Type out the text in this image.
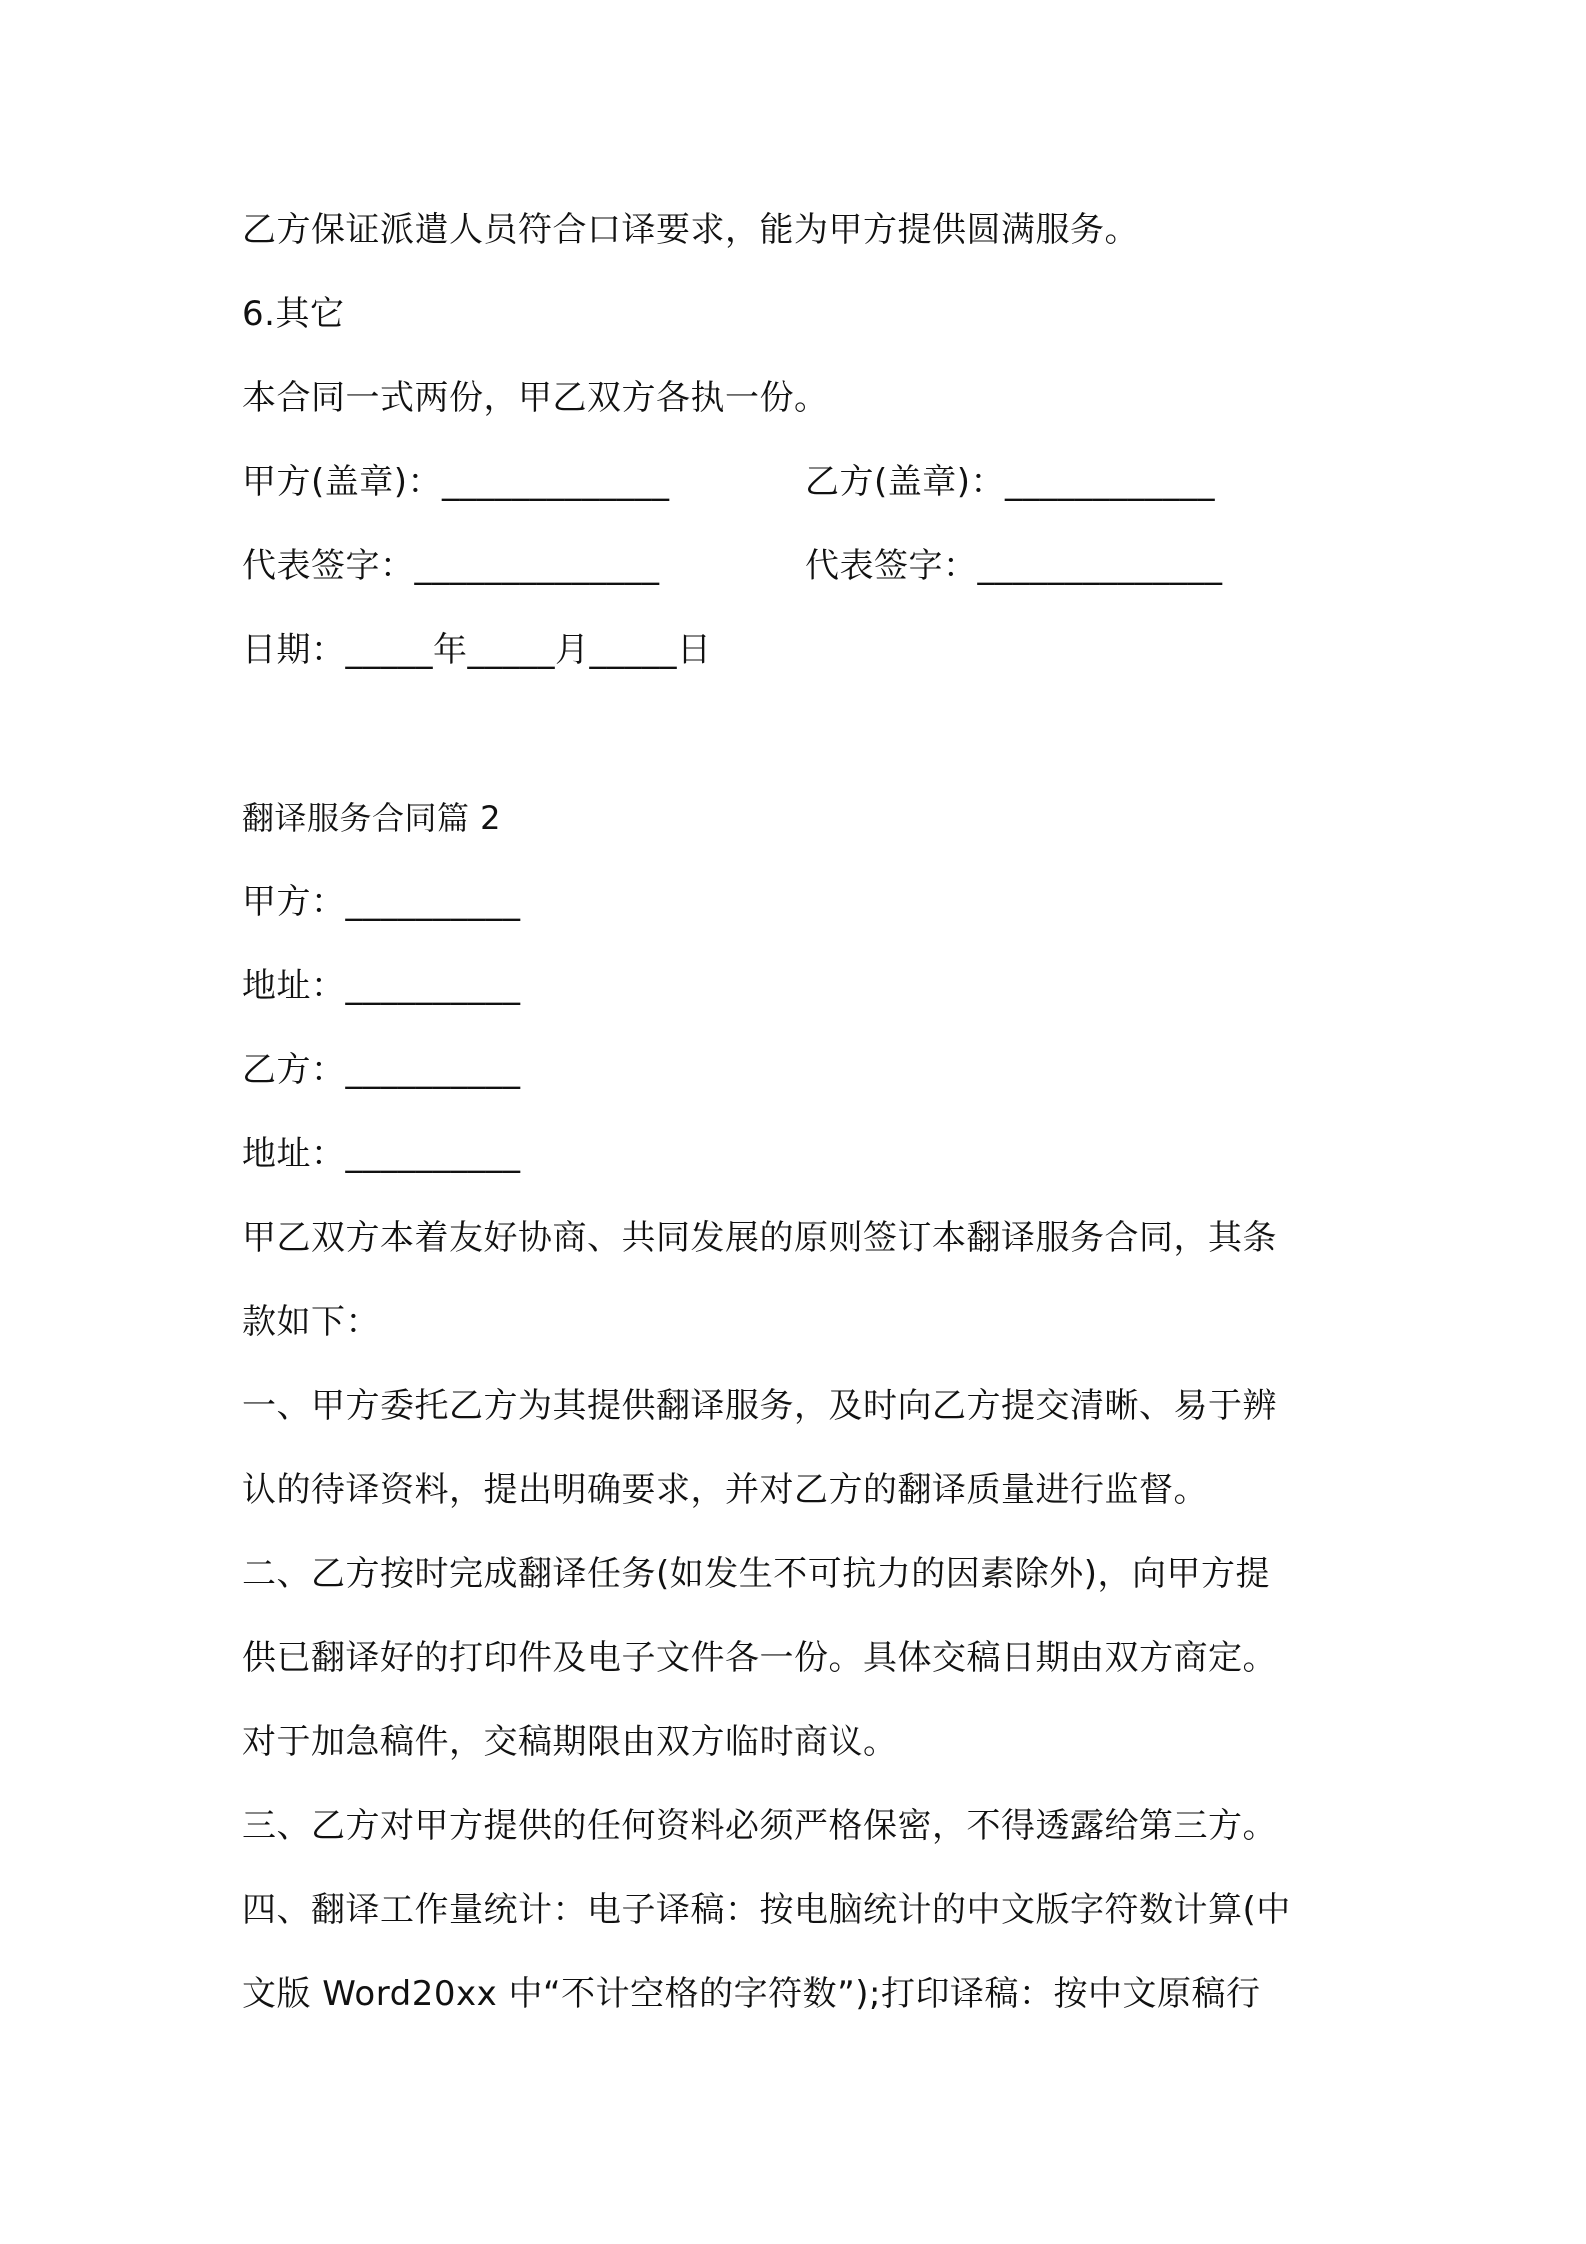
乙方保证派遣人员符合口译要求，能为甲方提供圆满服务。
6.其它
本合同一式两份，甲乙双方各执一份。
甲方(盖章)：_____________	乙方(盖章)：____________
代表签字：______________	代表签字：______________
日期：_____年_____月_____日
翻译服务合同篇 2
甲方：__________
地址：__________
乙方：__________
地址：__________
甲乙双方本着友好协商、共同发展的原则签订本翻译服务合同，其条
款如下：
一、甲方委托乙方为其提供翻译服务，及时向乙方提交清晰、易于辨
认的待译资料，提出明确要求，并对乙方的翻译质量进行监督。
二、乙方按时完成翻译任务(如发生不可抗力的因素除外)，向甲方提
供已翻译好的打印件及电子文件各一份。具体交稿日期由双方商定。
对于加急稿件，交稿期限由双方临时商议。
三、乙方对甲方提供的任何资料必须严格保密，不得透露给第三方。
四、翻译工作量统计：电子译稿：按电脑统计的中文版字符数计算(中
文版 Word20xx 中“不计空格的字符数”);打印译稿：按中文原稿行
